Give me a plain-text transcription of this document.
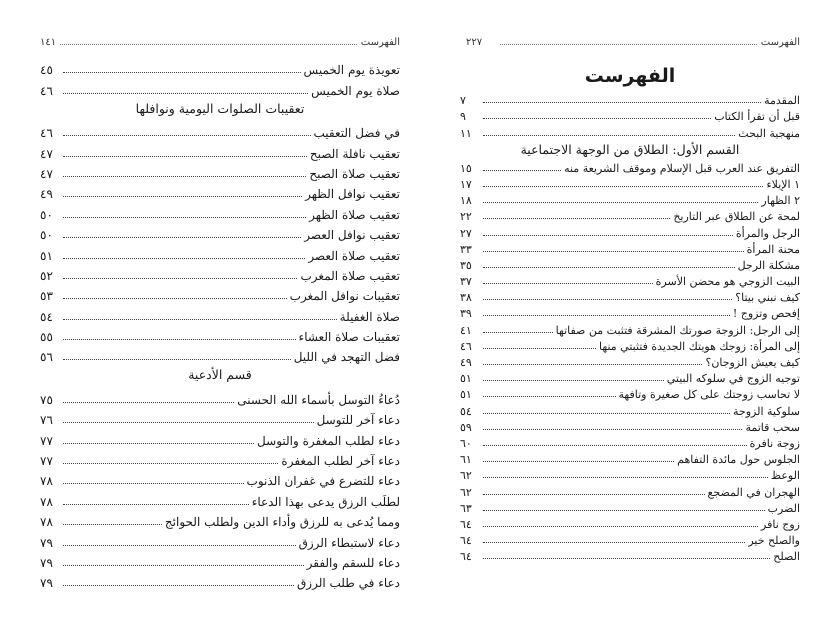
الفهرست
١٤١
تعويذة يوم الخميس
٤٥
صلاة يوم الخميس
٤٦
تعقيبات الصلوات اليومية ونوافلها
في فضل التعقيب
٤٦
تعقيب نافلة الصبح
٤٧
تعقيب صلاة الصبح
٤٧
تعقيب نوافل الظهر
٤٩
تعقيب صلاة الظهر
٥٠
تعقيب نوافل العصر
٥٠
تعقيب صلاة العصر
٥١
تعقيب صلاة المغرب
٥٢
تعقيبات نوافل المغرب
٥٣
صلاة الغفيلة
٥٤
تعقيبات صلاة العشاء
٥٥
فضل التهجد في الليل
٥٦
قسم الأدعية
دُعاءُ التوسل بأسماء الله الحسنى
٧٥
دعاء آخر للتوسل
٧٦
دعاء لطلب المغفرة والتوسل
٧٧
دعاء آخر لطلب المغفرة
٧٧
دعاء للتضرع في غفران الذنوب
٧٨
لطلَب الرزق يدعى بهذا الدعاء
٧٨
ومما يُدعى به للرزق وأداء الدين ولطلب الحوائج
٧٨
دعاء لاستبطاء الرزق
٧٩
دعاء للسقم والفقر
٧٩
دعاء في طلب الرزق
٧٩
الفهرست
٢٢٧
الفهرست
المقدمة
٧
قبل أن تقرأ الكتاب
٩
منهجية البحث
١١
القسم الأول: الطلاق من الوجهة الاجتماعية
التفريق عند العرب قبل الإسلام وموقف الشريعة منه
١٥
١ الإيلاء
١٧
٢ الظهار
١٨
لمحة عن الطلاق عبر التاريخ
٢٢
الرجل والمرأة
٢٧
محنة المرأة
٣٣
مشكلة الرجل
٣٥
البيت الزوجي هو محضن الأسرة
٣٧
كيف نبني بيتا؟
٣٨
إفحص وتزوج !
٣٩
إلى الرجل: الزوجة صورتك المشرقة فتثبت من صفاتها
٤١
إلى المرأة: زوجك هويتك الجديدة فتثبتي منها
٤٦
كيف يعيش الزوجان؟
٤٩
توجيه الزوج في سلوكه البيتي
٥١
لا تحاسب زوجتك على كل صغيرة وتافهة
٥١
سلوكية الزوجة
٥٤
سحب قاتمة
٥٩
زوجة نافرة
٦٠
الجلوس حول مائدة التفاهم
٦١
الوعظ
٦٢
الهجران في المضجع
٦٢
الضرب
٦٣
زوج نافر
٦٤
والصلح خير
٦٤
الصلح
٦٤
